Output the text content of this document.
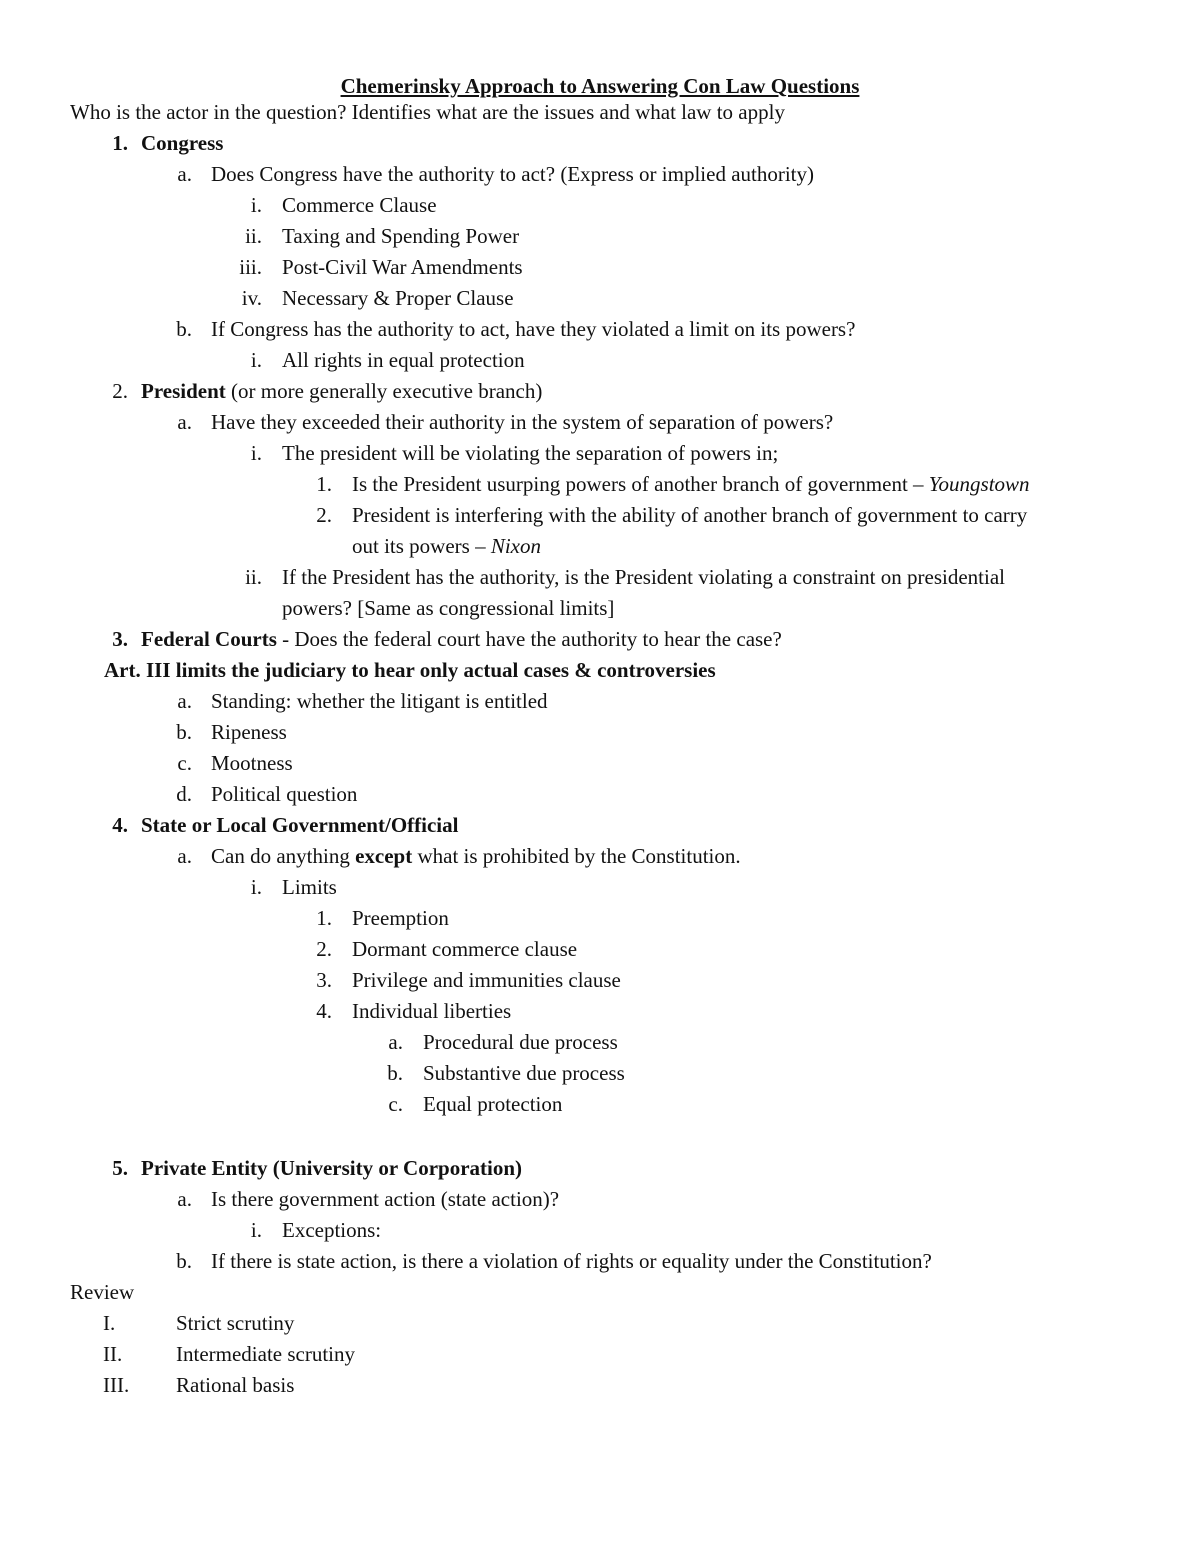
Chemerinsky Approach to Answering Con Law Questions
Who is the actor in the question? Identifies what are the issues and what law to apply
1. Congress
a. Does Congress have the authority to act? (Express or implied authority)
i. Commerce Clause
ii. Taxing and Spending Power
iii. Post-Civil War Amendments
iv. Necessary & Proper Clause
b. If Congress has the authority to act, have they violated a limit on its powers?
i. All rights in equal protection
2. President (or more generally executive branch)
a. Have they exceeded their authority in the system of separation of powers?
i. The president will be violating the separation of powers in;
1. Is the President usurping powers of another branch of government – Youngstown
2. President is interfering with the ability of another branch of government to carry
out its powers – Nixon
ii. If the President has the authority, is the President violating a constraint on presidential
powers? [Same as congressional limits]
3. Federal Courts - Does the federal court have the authority to hear the case?
Art. III limits the judiciary to hear only actual cases & controversies
a. Standing: whether the litigant is entitled
b. Ripeness
c. Mootness
d. Political question
4. State or Local Government/Official
a. Can do anything except what is prohibited by the Constitution.
i. Limits
1. Preemption
2. Dormant commerce clause
3. Privilege and immunities clause
4. Individual liberties
a. Procedural due process
b. Substantive due process
c. Equal protection
5. Private Entity (University or Corporation)
a. Is there government action (state action)?
i. Exceptions:
b. If there is state action, is there a violation of rights or equality under the Constitution?
Review
I.	Strict scrutiny
II.	Intermediate scrutiny
III. Rational basis
